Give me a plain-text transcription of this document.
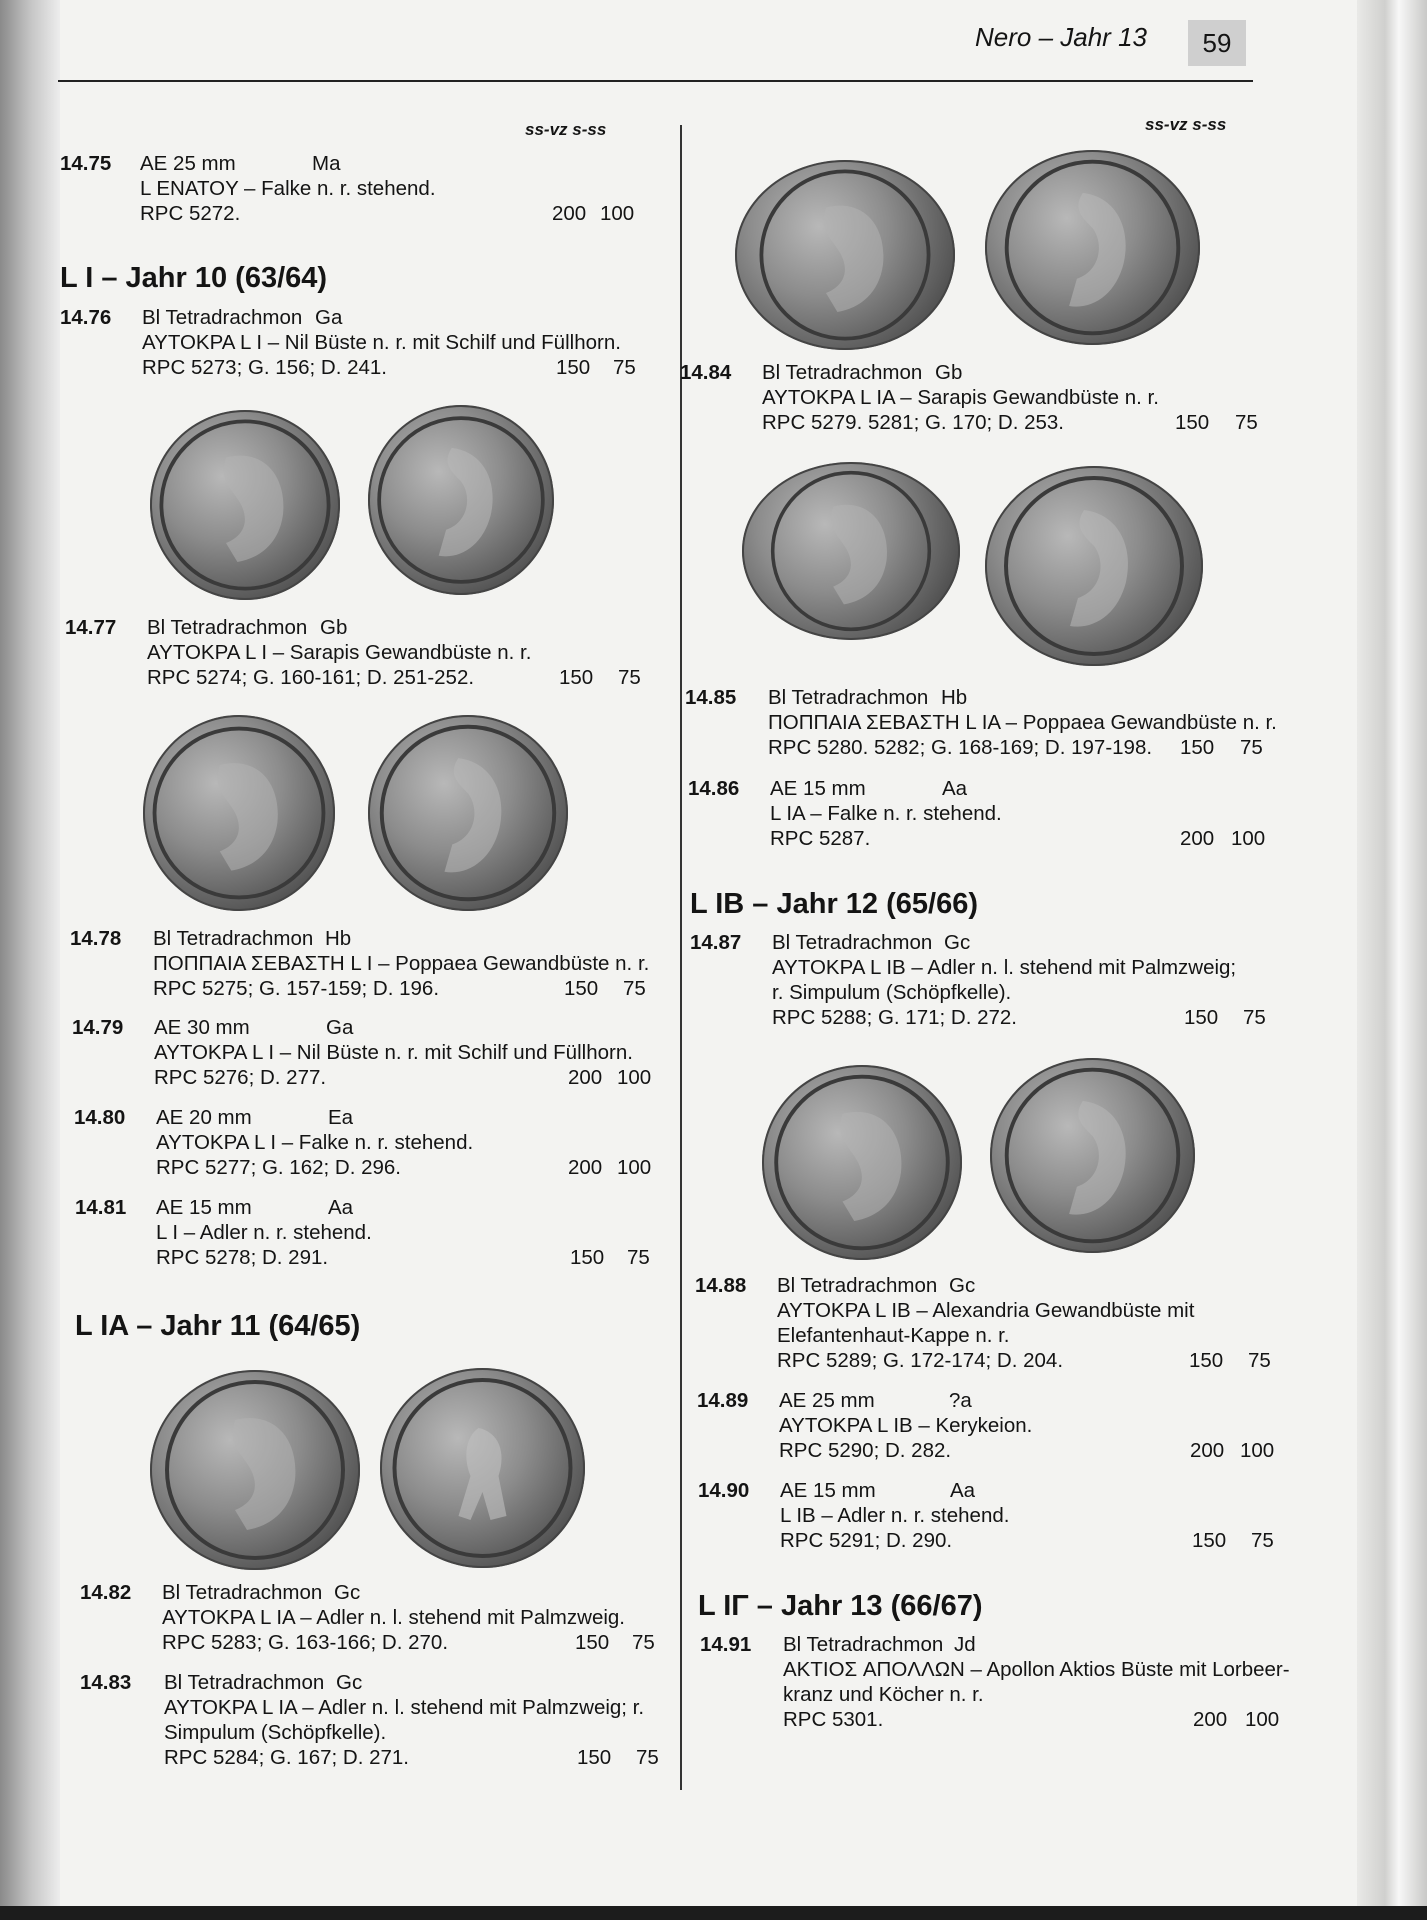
Nero – Jahr 13	59
ss-vz s-ss	ss-vz s-ss
14.75 AE 25 mm	Ma
L ENATOY – Falke n. r. stehend.
RPC 5272.	200 100
L I – Jahr 10 (63/64)
14.76 Bl Tetradrachmon Ga
AYTOKPA L I – Nil Büste n. r. mit Schilf und Füllhorn.
RPC 5273; G. 156; D. 241.	150 75
14.77 Bl Tetradrachmon Gb
AYTOKPA L I – Sarapis Gewandbüste n. r.
RPC 5274; G. 160-161; D. 251-252.	150 75
14.78 Bl Tetradrachmon Hb
ΠΟΠΠΑΙΑ ΣΕΒΑΣΤΗ L I – Poppaea Gewandbüste n. r.
RPC 5275; G. 157-159; D. 196.	150 75
14.79 AE 30 mm	Ga
AYTOKPA L I – Nil Büste n. r. mit Schilf und Füllhorn.
RPC 5276; D. 277.	200 100
14.80 AE 20 mm	Ea
AYTOKPA L I – Falke n. r. stehend.
RPC 5277; G. 162; D. 296.	200 100
14.81 AE 15 mm	Aa
L I – Adler n. r. stehend.
RPC 5278; D. 291.	150 75
L IA – Jahr 11 (64/65)
14.82 Bl Tetradrachmon Gc
AYTOKPA L IA – Adler n. l. stehend mit Palmzweig.
RPC 5283; G. 163-166; D. 270.	150 75
14.83 Bl Tetradrachmon Gc
AYTOKPA L IA – Adler n. l. stehend mit Palmzweig; r.
Simpulum (Schöpfkelle).
RPC 5284; G. 167; D. 271.	150 75
14.84 Bl Tetradrachmon Gb
AYTOKPA L IA – Sarapis Gewandbüste n. r.
RPC 5279. 5281; G. 170; D. 253.	150 75
14.85 Bl Tetradrachmon Hb
ΠΟΠΠΑΙΑ ΣΕΒΑΣΤΗ L IA – Poppaea Gewandbüste n. r.
RPC 5280. 5282; G. 168-169; D. 197-198. 150 75
14.86 AE 15 mm	Aa
L IA – Falke n. r. stehend.
RPC 5287.	200 100
L IB – Jahr 12 (65/66)
14.87 Bl Tetradrachmon Gc
AYTOKPA L IB – Adler n. l. stehend mit Palmzweig;
r. Simpulum (Schöpfkelle).
RPC 5288; G. 171; D. 272.	150 75
14.88 Bl Tetradrachmon Gc
AYTOKPA L IB – Alexandria Gewandbüste mit
Elefantenhaut-Kappe n. r.
RPC 5289; G. 172-174; D. 204.	150 75
14.89 AE 25 mm	?a
AYTOKPA L IB – Kerykeion.
RPC 5290; D. 282.	200 100
14.90 AE 15 mm	Aa
L IB – Adler n. r. stehend.
RPC 5291; D. 290.	150 75
L IΓ – Jahr 13 (66/67)
14.91 Bl Tetradrachmon Jd
AKTIOΣ AΠOΛΛΩN – Apollon Aktios Büste mit Lorbeer-
kranz und Köcher n. r.
RPC 5301.	200 100
